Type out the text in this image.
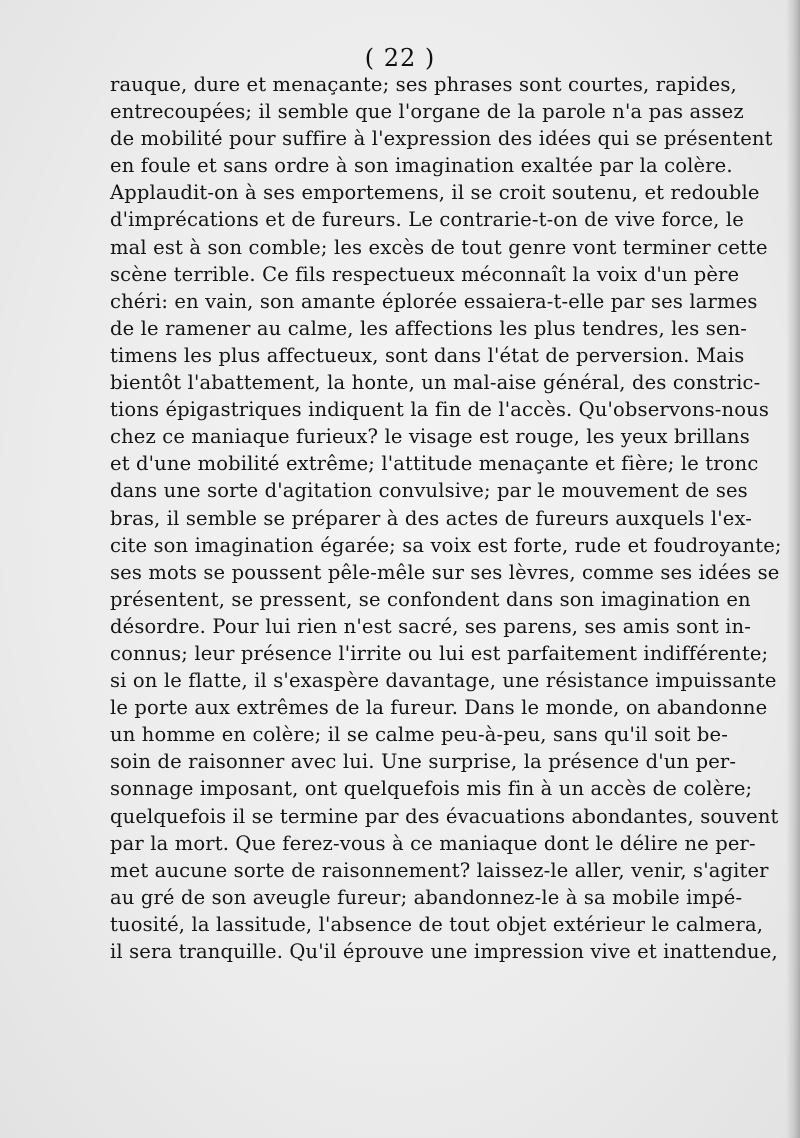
( 22 )
rauque, dure et menaçante; ses phrases sont courtes, rapides,
entrecoupées; il semble que l'organe de la parole n'a pas assez
de mobilité pour suffire à l'expression des idées qui se présentent
en foule et sans ordre à son imagination exaltée par la colère.
Applaudit-on à ses emportemens, il se croit soutenu, et redouble
d'imprécations et de fureurs. Le contrarie-t-on de vive force, le
mal est à son comble; les excès de tout genre vont terminer cette
scène terrible. Ce fils respectueux méconnaît la voix d'un père
chéri: en vain, son amante éplorée essaiera-t-elle par ses larmes
de le ramener au calme, les affections les plus tendres, les sen-
timens les plus affectueux, sont dans l'état de perversion. Mais
bientôt l'abattement, la honte, un mal-aise général, des constric-
tions épigastriques indiquent la fin de l'accès. Qu'observons-nous
chez ce maniaque furieux? le visage est rouge, les yeux brillans
et d'une mobilité extrême; l'attitude menaçante et fière; le tronc
dans une sorte d'agitation convulsive; par le mouvement de ses
bras, il semble se préparer à des actes de fureurs auxquels l'ex-
cite son imagination égarée; sa voix est forte, rude et foudroyante;
ses mots se poussent pêle-mêle sur ses lèvres, comme ses idées se
présentent, se pressent, se confondent dans son imagination en
désordre. Pour lui rien n'est sacré, ses parens, ses amis sont in-
connus; leur présence l'irrite ou lui est parfaitement indifférente;
si on le flatte, il s'exaspère davantage, une résistance impuissante
le porte aux extrêmes de la fureur. Dans le monde, on abandonne
un homme en colère; il se calme peu-à-peu, sans qu'il soit be-
soin de raisonner avec lui. Une surprise, la présence d'un per-
sonnage imposant, ont quelquefois mis fin à un accès de colère;
quelquefois il se termine par des évacuations abondantes, souvent
par la mort. Que ferez-vous à ce maniaque dont le délire ne per-
met aucune sorte de raisonnement? laissez-le aller, venir, s'agiter
au gré de son aveugle fureur; abandonnez-le à sa mobile impé-
tuosité, la lassitude, l'absence de tout objet extérieur le calmera,
il sera tranquille. Qu'il éprouve une impression vive et inattendue,
